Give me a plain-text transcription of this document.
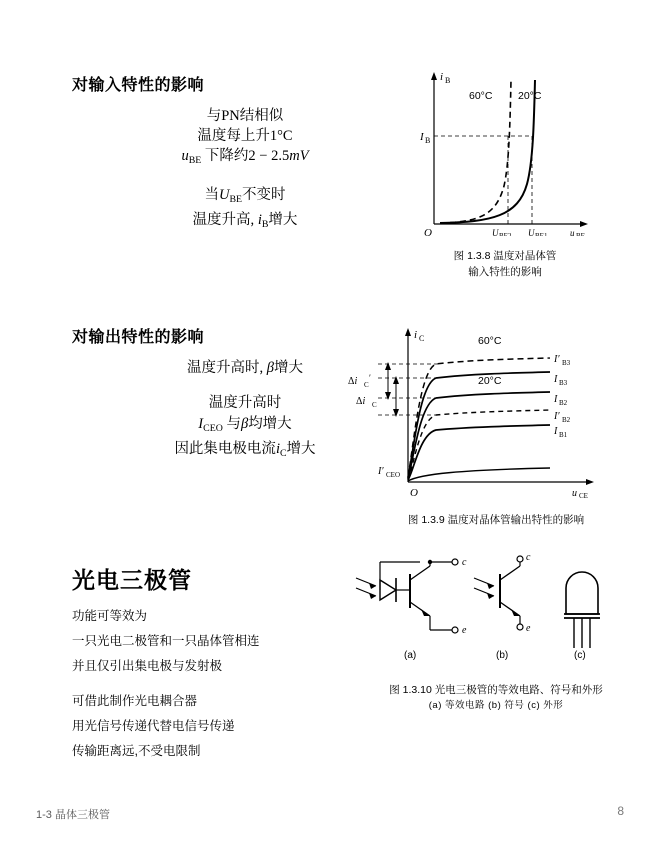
对输入特性的影响
与PN结相似
温度每上升1°C
$u_{BE}$ 下降约2 − 2.5mV
当$U_{BE}$不变时
温度升高, $i_B$增大
i B
60°C 20°C
I B
O	U BE2 U BE1	u BE
图 1.3.8 温度对晶体管
输入特性的影响
对输出特性的影响
温度升高时, β增大
温度升高时
$I_{CEO}$ 与β均增大
因此集电极电流$i_C$增大
i C	60°C
20°C
I′ B3
I B3
I B2
I′ B2
I B1
Δi C
′
Δi C
I′ CEO
O	u CE
图 1.3.9 温度对晶体管输出特性的影响
光电三极管
功能可等效为
一只光电二极管和一只晶体管相连
并且仅引出集电极与发射极
可借此制作光电耦合器
用光信号传递代替电信号传递
传输距离远,不受电限制
c
e
(a)
c
e
(b)	(c)
图 1.3.10 光电三极管的等效电路、符号和外形
(a) 等效电路 (b) 符号 (c) 外形
1-3 晶体三极管	8
